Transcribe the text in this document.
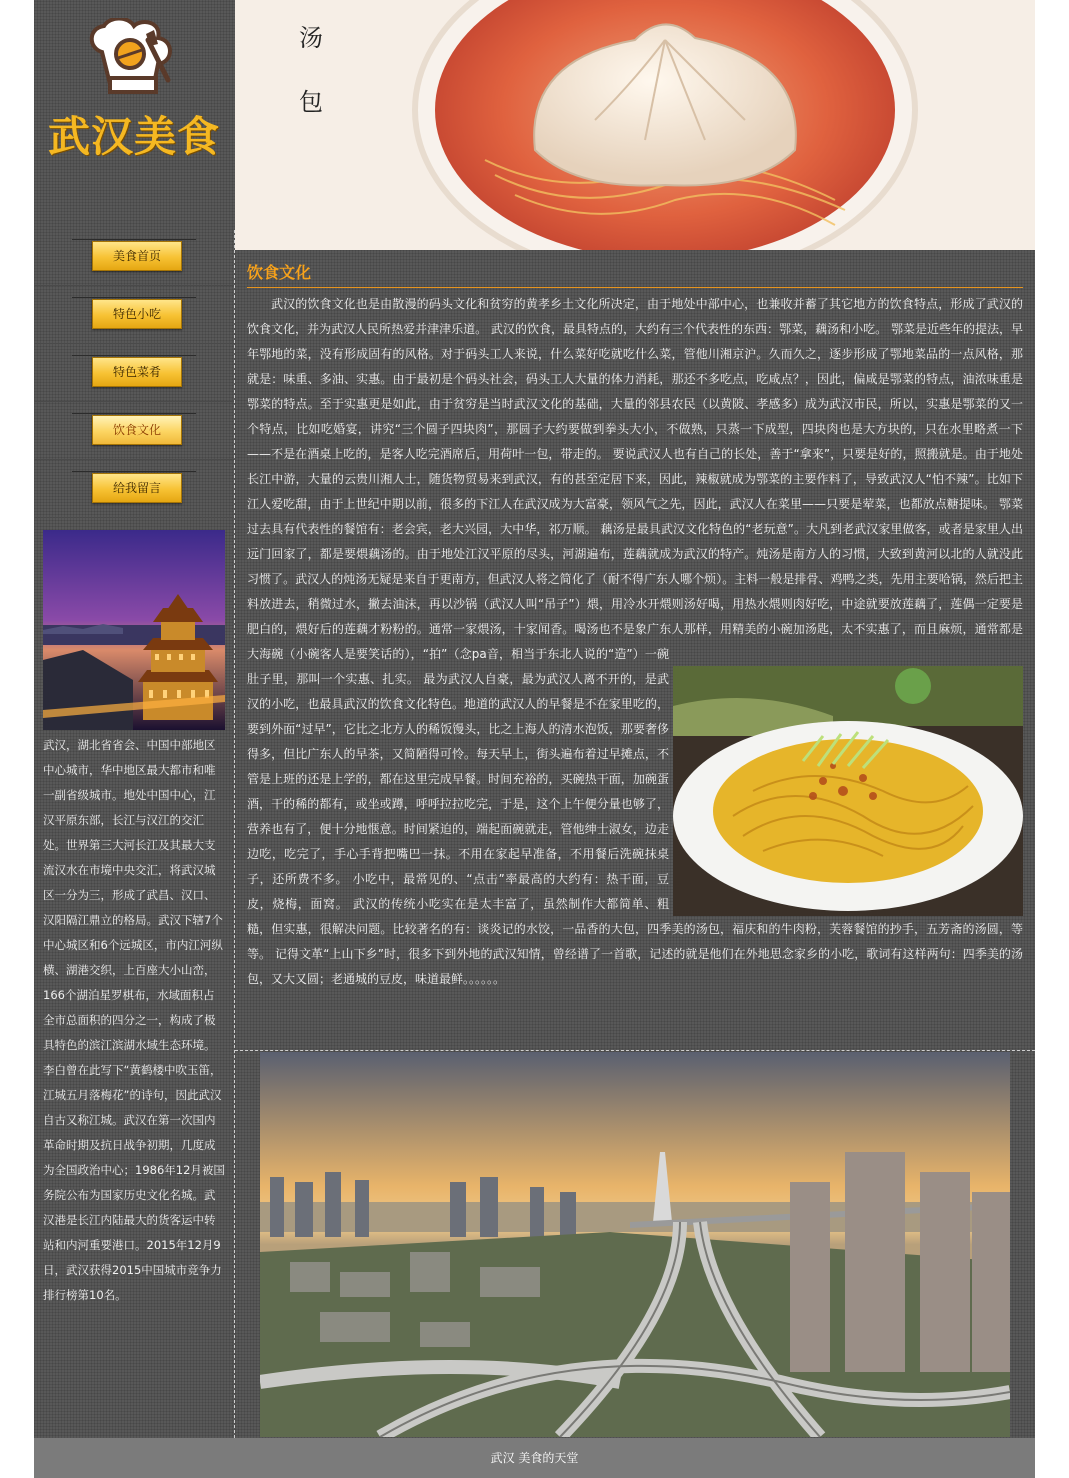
武汉美食
美食首页
特色小吃
特色菜肴
饮食文化
给我留言
武汉，湖北省省会、中国中部地区中心城市，华中地区最大都市和唯一副省级城市。地处中国中心，江汉平原东部，长江与汉江的交汇处。世界第三大河长江及其最大支流汉水在市境中央交汇，将武汉城区一分为三，形成了武昌、汉口、汉阳隔江鼎立的格局。武汉下辖7个中心城区和6个远城区，市内江河纵横、湖港交织，上百座大小山峦，166个湖泊星罗棋布，水域面积占全市总面积的四分之一，构成了极具特色的滨江滨湖水域生态环境。李白曾在此写下“黄鹤楼中吹玉笛，江城五月落梅花”的诗句，因此武汉自古又称江城。武汉在第一次国内革命时期及抗日战争初期，几度成为全国政治中心；1986年12月被国务院公布为国家历史文化名城。武汉港是长江内陆最大的货客运中转站和内河重要港口。2015年12月9日，武汉获得2015中国城市竞争力排行榜第10名。
汤包
饮食文化
武汉的饮食文化也是由散漫的码头文化和贫穷的黄孝乡土文化所决定，由于地处中部中心，也兼收并蓄了其它地方的饮食特点，形成了武汉的饮食文化，并为武汉人民所热爱并津津乐道。 武汉的饮食，最具特点的，大约有三个代表性的东西：鄂菜，藕汤和小吃。 鄂菜是近些年的提法，早年鄂地的菜，没有形成固有的风格。对于码头工人来说，什么菜好吃就吃什么菜，管他川湘京沪。久而久之，逐步形成了鄂地菜品的一点风格，那就是：味重、多油、实惠。由于最初是个码头社会，码头工人大量的体力消耗，那还不多吃点，吃咸点？，因此，偏咸是鄂菜的特点，油浓味重是鄂菜的特点。至于实惠更是如此，由于贫穷是当时武汉文化的基础，大量的邻县农民（以黄陂、孝感多）成为武汉市民，所以，实惠是鄂菜的又一个特点，比如吃婚宴，讲究“三个圆子四块肉”，那圆子大约要做到拳头大小，不做熟，只蒸一下成型，四块肉也是大方块的，只在水里略煮一下——不是在酒桌上吃的，是客人吃完酒席后，用荷叶一包，带走的。 要说武汉人也有自己的长处，善于“拿来”，只要是好的，照搬就是。由于地处长江中游，大量的云贵川湘人士，随货物贸易来到武汉，有的甚至定居下来，因此，辣椒就成为鄂菜的主要作料了，导致武汉人“怕不辣”。比如下江人爱吃甜，由于上世纪中期以前，很多的下江人在武汉成为大富豪，领风气之先，因此，武汉人在菜里——只要是荤菜，也都放点糖提味。 鄂菜过去具有代表性的餐馆有：老会宾，老大兴园，大中华，祁万顺。 藕汤是最具武汉文化特色的“老玩意”。大凡到老武汉家里做客，或者是家里人出远门回家了，都是要煨藕汤的。由于地处江汉平原的尽头，河湖遍布，莲藕就成为武汉的特产。炖汤是南方人的习惯，大致到黄河以北的人就没此习惯了。武汉人的炖汤无疑是来自于更南方，但武汉人将之简化了（耐不得广东人哪个烦）。主料一般是排骨、鸡鸭之类，先用主要哈锅，然后把主料放进去，稍微过水，撇去油沫，再以沙锅（武汉人叫“吊子”）煨，用冷水开煨则汤好喝，用热水煨则肉好吃，中途就要放莲藕了，莲偶一定要是肥白的，煨好后的莲藕才粉粉的。通常一家煨汤，十家闻香。喝汤也不是象广东人那样，用精美的小碗加汤匙，太不实惠了，而且麻烦，通常都是大海碗（小碗客人是要笑话的），“拍”（念pa音，相当于东北人说的“造”）一碗肚子里，那叫一个实惠、扎实。 最为武汉人自豪，最为武汉人离不开的，是武汉的小吃，也最具武汉的饮食文化特色。地道的武汉人的早餐是不在家里吃的，要到外面“过早”，它比之北方人的稀饭馒头，比之上海人的清水泡饭，那要奢侈得多，但比广东人的早茶，又简陋得可怜。每天早上，街头遍布着过早摊点，不管是上班的还是上学的，都在这里完成早餐。时间充裕的，买碗热干面，加碗蛋酒，干的稀的都有，或坐或蹲，呼呼拉拉吃完，于是，这个上午便分量也够了，营养也有了，便十分地惬意。时间紧迫的，端起面碗就走，管他绅士淑女，边走边吃，吃完了，手心手背把嘴巴一抹。不用在家起早准备，不用餐后洗碗抹桌子，还所费不多。 小吃中，最常见的、“点击”率最高的大约有：热干面，豆皮，烧梅，面窝。 武汉的传统小吃实在是太丰富了，虽然制作大都简单、粗糙，但实惠，很解决问题。比较著名的有：谈炎记的水饺，一品香的大包，四季美的汤包，福庆和的牛肉粉，芙蓉餐馆的抄手，五芳斋的汤圆，等等。 记得文革“上山下乡”时，很多下到外地的武汉知情，曾经谱了一首歌，记述的就是他们在外地思念家乡的小吃，歌词有这样两句：四季美的汤包，又大又圆；老通城的豆皮，味道最鲜。。。。。。
武汉 美食的天堂
